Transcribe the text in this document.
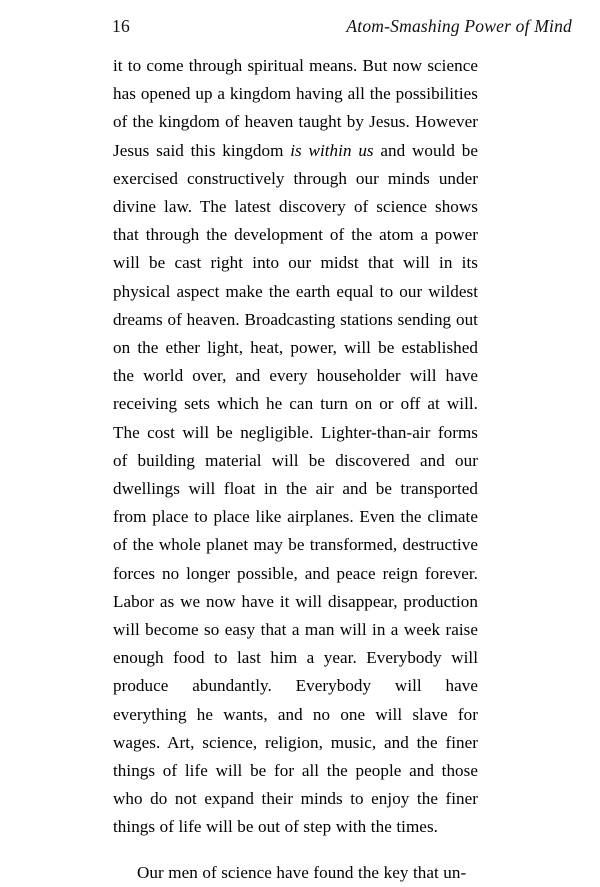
16	Atom-Smashing Power of Mind

it to come through spiritual means. But now science has opened up a kingdom having all the possibilities of the kingdom of heaven taught by Jesus. However Jesus said this kingdom is within us and would be exercised constructively through our minds under divine law. The latest discovery of science shows that through the development of the atom a power will be cast right into our midst that will in its physical aspect make the earth equal to our wildest dreams of heaven. Broadcasting stations sending out on the ether light, heat, power, will be established the world over, and every householder will have receiving sets which he can turn on or off at will. The cost will be negligible. Lighter-than-air forms of building material will be discovered and our dwellings will float in the air and be transported from place to place like airplanes. Even the climate of the whole planet may be transformed, destructive forces no longer possible, and peace reign forever. Labor as we now have it will disappear, production will become so easy that a man will in a week raise enough food to last him a year. Everybody will produce abundantly. Everybody will have everything he wants, and no one will slave for wages. Art, science, religion, music, and the finer things of life will be for all the people and those who do not expand their minds to enjoy the finer things of life will be out of step with the times.

Our men of science have found the key that un-
